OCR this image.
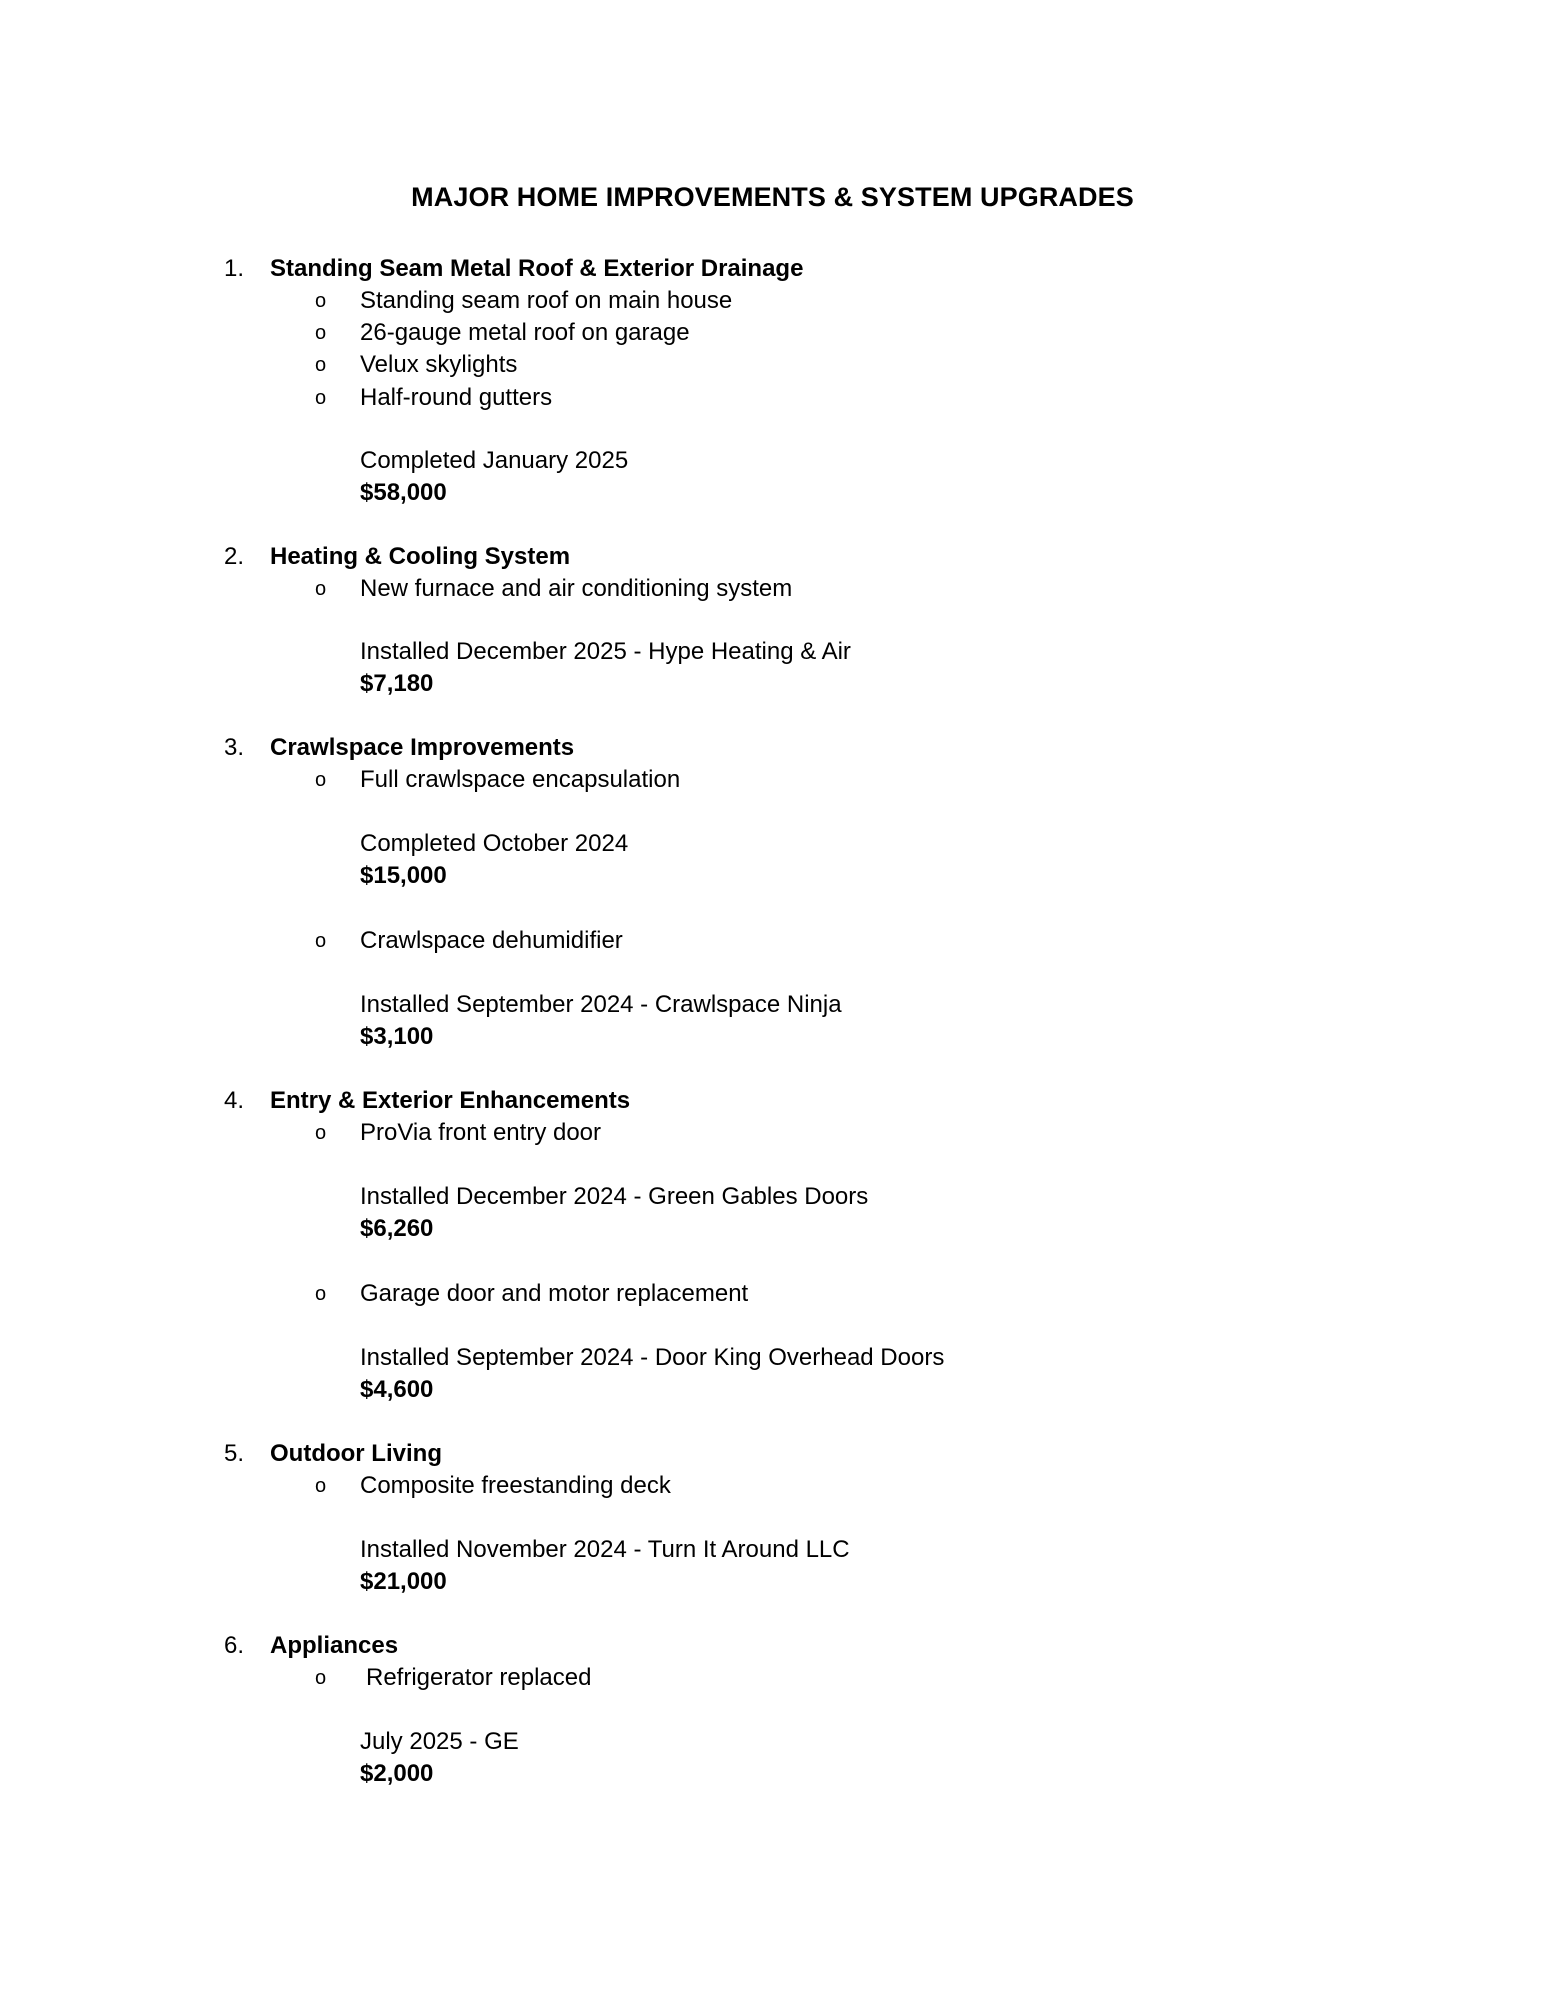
MAJOR HOME IMPROVEMENTS & SYSTEM UPGRADES
1. Standing Seam Metal Roof & Exterior Drainage
o Standing seam roof on main house
o 26-gauge metal roof on garage
o Velux skylights
o Half-round gutters
Completed January 2025
$58,000
2. Heating & Cooling System
o New furnace and air conditioning system
Installed December 2025 - Hype Heating & Air
$7,180
3. Crawlspace Improvements
o Full crawlspace encapsulation
Completed October 2024
$15,000
o Crawlspace dehumidifier
Installed September 2024 - Crawlspace Ninja
$3,100
4. Entry & Exterior Enhancements
o ProVia front entry door
Installed December 2024 - Green Gables Doors
$6,260
o Garage door and motor replacement
Installed September 2024 - Door King Overhead Doors
$4,600
5. Outdoor Living
o Composite freestanding deck
Installed November 2024 - Turn It Around LLC
$21,000
6. Appliances
o Refrigerator replaced
July 2025 - GE
$2,000
